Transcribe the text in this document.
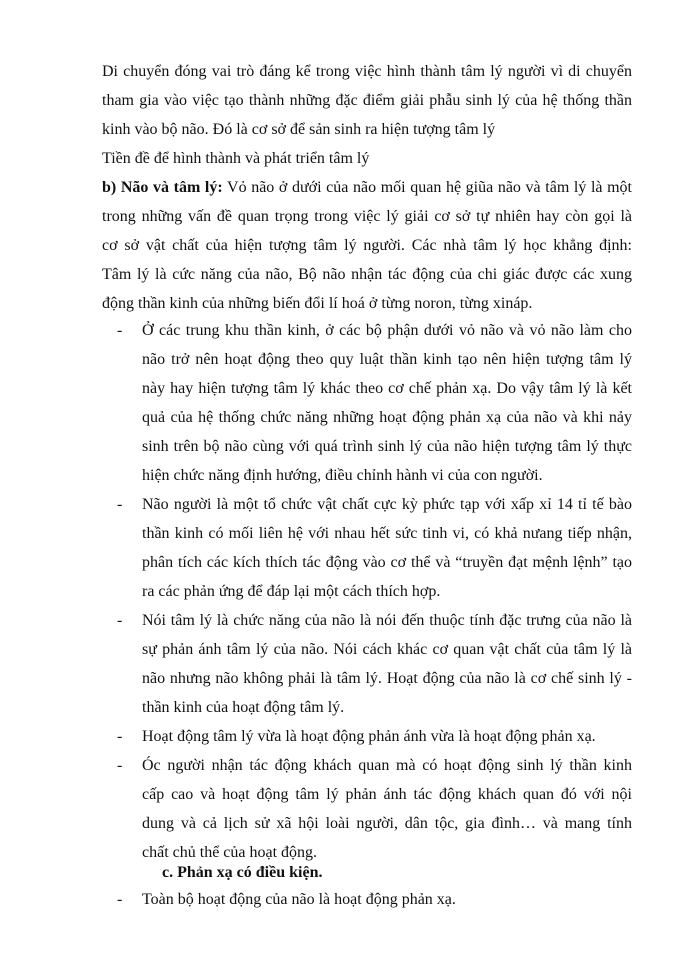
Di chuyển đóng vai trò đáng kể trong việc hình thành tâm lý người vì di chuyển
tham gia vào việc tạo thành những đặc điểm giải phẫu sinh lý của hệ thống thần
kinh vào bộ não. Đó là cơ sở để sản sinh ra hiện tượng tâm lý
Tiền đề để hình thành và phát triển tâm lý
b) Não và tâm lý: Vỏ não ở dưới của não mối quan hệ giũa não và tâm lý là một
trong những vấn đề quan trọng trong việc lý giải cơ sở tự nhiên hay còn gọi là
cơ sở vật chất của hiện tượng tâm lý người. Các nhà tâm lý học khẳng định:
Tâm lý là cức năng của não, Bộ não nhận tác động của chi giác được các xung
động thần kinh của những biến đổi lí hoá ở từng noron, từng xináp.
- Ở các trung khu thần kinh, ở các bộ phận dưới vỏ não và vỏ não làm cho
não trở nên hoạt động theo quy luật thần kinh tạo nên hiện tượng tâm lý
này hay hiện tượng tâm lý khác theo cơ chế phản xạ. Do vậy tâm lý là kết
quả của hệ thống chức năng những hoạt động phản xạ của não và khi nảy
sinh trên bộ não cùng với quá trình sinh lý của não hiện tượng tâm lý thực
hiện chức năng định hướng, điều chỉnh hành vi của con người.
- Não người là một tổ chức vật chất cực kỳ phức tạp với xấp xỉ 14 tỉ tế bào
thần kinh có mối liên hệ với nhau hết sức tinh vi, có khả nưang tiếp nhận,
phân tích các kích thích tác động vào cơ thể và “truyền đạt mệnh lệnh” tạo
ra các phản ứng để đáp lại một cách thích hợp.
- Nói tâm lý là chức năng của não là nói đến thuộc tính đặc trưng của não là
sự phản ánh tâm lý của não. Nói cách khác cơ quan vật chất của tâm lý là
não nhưng não không phải là tâm lý. Hoạt động của não là cơ chế sinh lý -
thần kinh của hoạt động tâm lý.
- Hoạt động tâm lý vừa là hoạt động phản ánh vừa là hoạt động phản xạ.
- Óc người nhận tác động khách quan mà có hoạt động sinh lý thần kinh
cấp cao và hoạt động tâm lý phản ánh tác động khách quan đó với nội
dung và cả lịch sử xã hội loài người, dân tộc, gia đình… và mang tính
chất chủ thể của hoạt động.
c. Phản xạ có điều kiện.
- Toàn bộ hoạt động của não là hoạt động phản xạ.
